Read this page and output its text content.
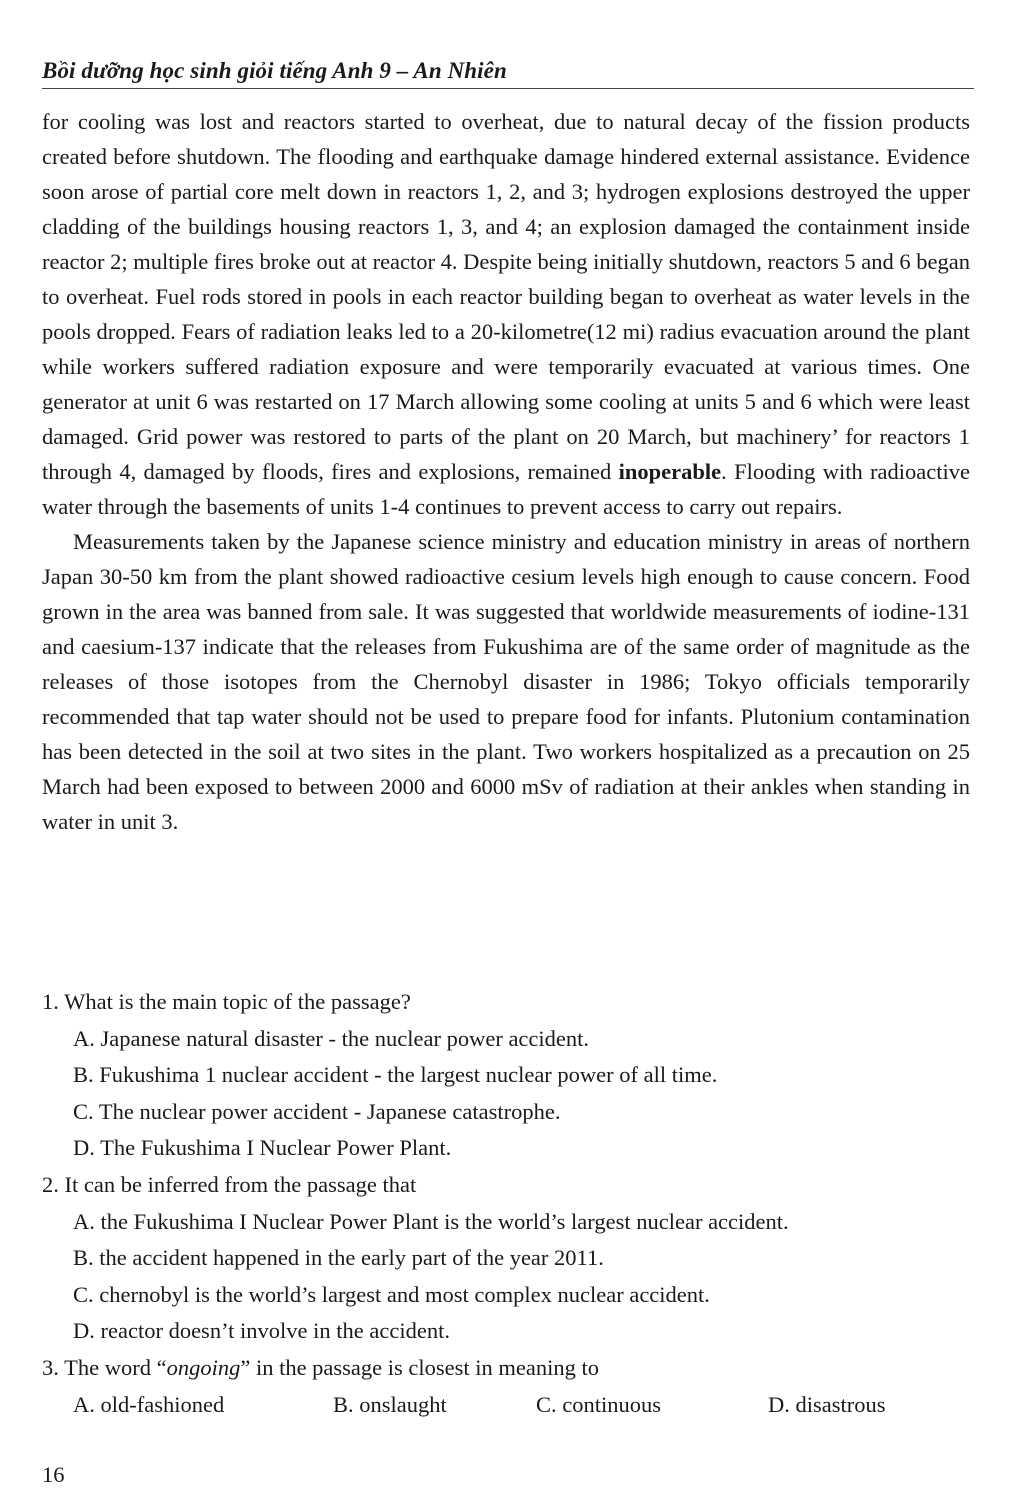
Bồi dưỡng học sinh giỏi tiếng Anh 9 – An Nhiên

for cooling was lost and reactors started to overheat, due to natural decay of the fission products created before shutdown. The flooding and earthquake damage hindered external assistance. Evidence soon arose of partial core melt down in reactors 1, 2, and 3; hydrogen explosions destroyed the upper cladding of the buildings housing reactors 1, 3, and 4; an explosion damaged the containment inside reactor 2; multiple fires broke out at reactor 4. Despite being initially shutdown, reactors 5 and 6 began to overheat. Fuel rods stored in pools in each reactor building began to overheat as water levels in the pools dropped. Fears of radiation leaks led to a 20-kilometre(12 mi) radius evacuation around the plant while workers suffered radiation exposure and were temporarily evacuated at various times. One generator at unit 6 was restarted on 17 March allowing some cooling at units 5 and 6 which were least damaged. Grid power was restored to parts of the plant on 20 March, but machinery’ for reactors 1 through 4, damaged by floods, fires and explosions, remained inoperable. Flooding with radioactive water through the basements of units 1-4 continues to prevent access to carry out repairs.

Measurements taken by the Japanese science ministry and education ministry in areas of northern Japan 30-50 km from the plant showed radioactive cesium levels high enough to cause concern. Food grown in the area was banned from sale. It was suggested that worldwide measurements of iodine-131 and caesium-137 indicate that the releases from Fukushima are of the same order of magnitude as the releases of those isotopes from the Chernobyl disaster in 1986; Tokyo officials temporarily recommended that tap water should not be used to prepare food for infants. Plutonium contamination has been detected in the soil at two sites in the plant. Two workers hospitalized as a precaution on 25 March had been exposed to between 2000 and 6000 mSv of radiation at their ankles when standing in water in unit 3.

1. What is the main topic of the passage?

A. Japanese natural disaster - the nuclear power accident.

B. Fukushima 1 nuclear accident - the largest nuclear power of all time.

C. The nuclear power accident - Japanese catastrophe.

D. The Fukushima I Nuclear Power Plant.

2. It can be inferred from the passage that

A. the Fukushima I Nuclear Power Plant is the world’s largest nuclear accident.

B. the accident happened in the early part of the year 2011.

C. chernobyl is the world’s largest and most complex nuclear accident.

D. reactor doesn’t involve in the accident.

3. The word “ongoing” in the passage is closest in meaning to

A. old-fashioned	B. onslaught	C. continuous	D. disastrous
16
